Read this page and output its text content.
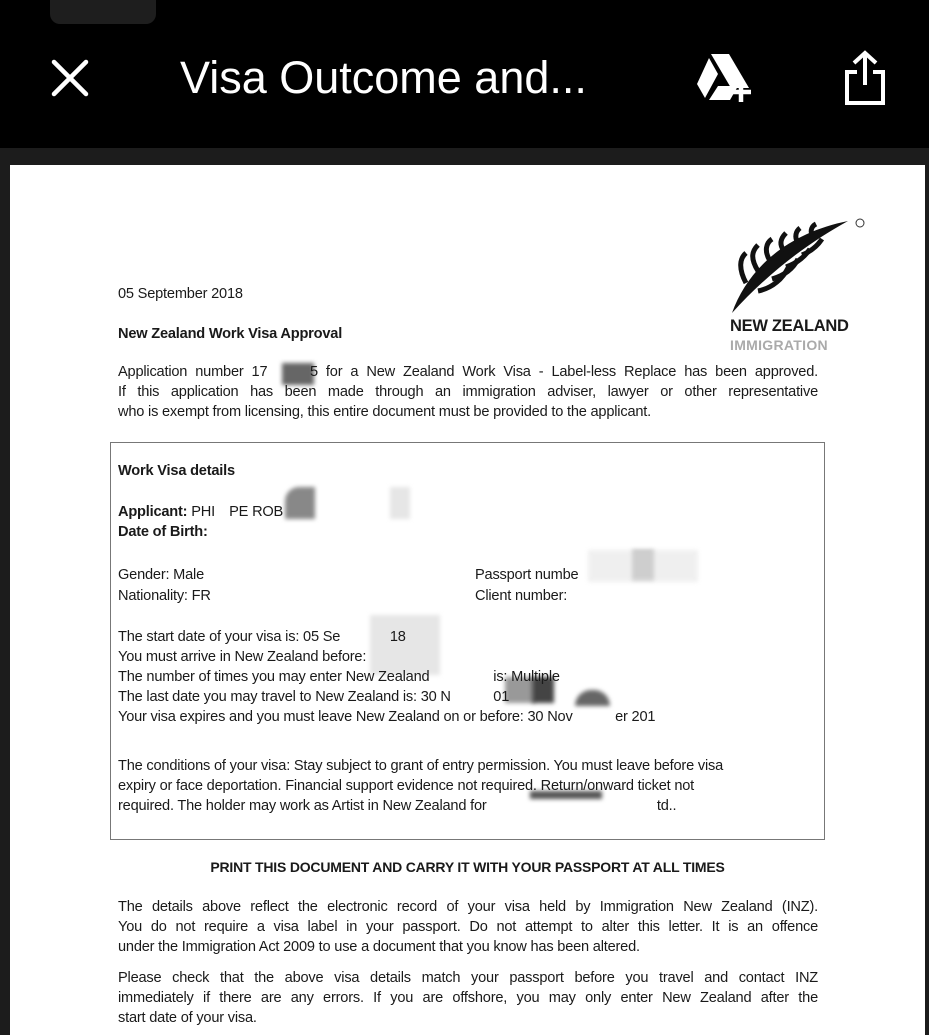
Visa Outcome and...
NEW ZEALAND
IMMIGRATION
05 September 2018
New Zealand Work Visa Approval
Application number 17      5 for a New Zealand Work Visa - Label-less Replace has been approved.
If this application has been made through an immigration adviser, lawyer or other representative
who is exempt from licensing, this entire document must be provided to the applicant.
Work Visa details
Applicant: PHI  PE ROB
Date of Birth:
Gender: Male
Nationality: FR
Passport numbe
Client number:
The start date of your visa is: 05 Se       18
You must arrive in New Zealand before:
The number of times you may enter New Zealand         is: Multiple
The last date you may travel to New Zealand is: 30 N      01
Your visa expires and you must leave New Zealand on or before: 30 Nov      er 201
The conditions of your visa: Stay subject to grant of entry permission. You must leave before visa
expiry or face deportation. Financial support evidence not required. Return/onward ticket not
required. The holder may work as Artist in New Zealand for                        td..
PRINT THIS DOCUMENT AND CARRY IT WITH YOUR PASSPORT AT ALL TIMES
The details above reflect the electronic record of your visa held by Immigration New Zealand (INZ).
You do not require a visa label in your passport. Do not attempt to alter this letter. It is an offence
under the Immigration Act 2009 to use a document that you know has been altered.
Please check that the above visa details match your passport before you travel and contact INZ
immediately if there are any errors. If you are offshore, you may only enter New Zealand after the
start date of your visa.
